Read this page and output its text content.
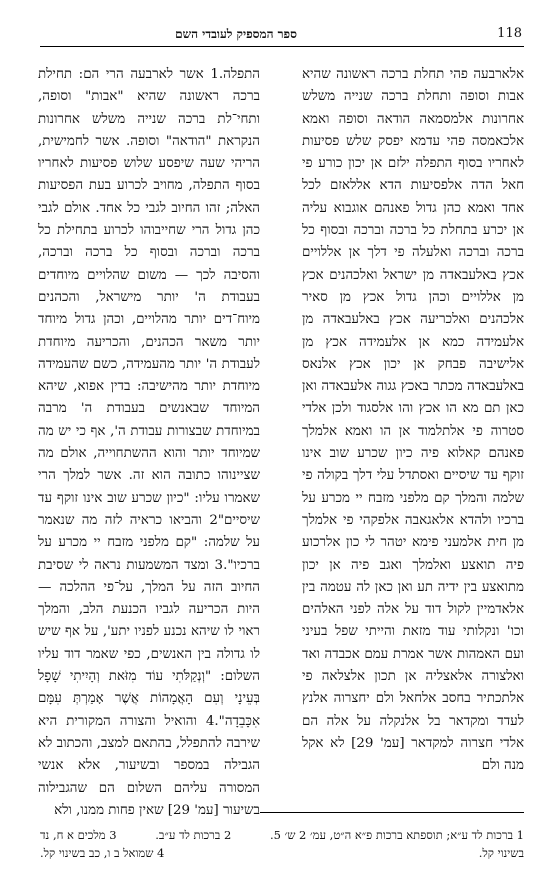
118
ספר המספיק לעובדי השם
אלארבעה פהי תחלת ברכה ראשונה שהיא אבות וסופה ותחלת ברכה שנייה משלש אחרונות אלמסמאה הודאה וסופה ואמא אלכאמסה פהי עדמא יפסק שלש פסיעות לאחריו בסוף התפלה ילזם אן יכון כורע פי חאל הדה אלפסיעות הדא אללאזם לכל אחד ואמא כהן גדול פאנהם אוגבוא עליה אן יכרע בתחלת כל ברכה וברכה ובסוף כל ברכה וברכה ואלעלה פי דלך אן אללויים אכץ באלעבאדה מן ישראל ואלכהנים אכץ מן אללויים וכהן גדול אכץ מן סאיר אלכהנים ואלכריעה אכץ באלעבאדה מן אלעמידה כמא אן אלעמידה אכץ מן אלישיבה פבחק אן יכון אכץ אלנאס באלעבאדה מכתר באכץ גגוה אלעבאדה ואן כאן תם מא הו אכץ והו אלסגוד ולכן אלדי סטרוה פי אלתלמוד אן הו ואמא אלמלך פאנהם קאלוא פיה כיון שכרע שוב אינו זוקף עד שיסיים ואסתדל עלי דלך בקולה פי שלמה והמלך קם מלפני מזבח יי מכרע על ברכיו ולהדא אלאגאבה אלפקהי פי אלמלך מן חית אלמעני פימא יטהר לי כון אלרכוע פיה תואצע ואלמלך ואגב פיה אן יכון מתואצע בין ידיה תע ואן כאן לה עטמה בין אלאדמיין לקול דוד על אלה לפני האלהים וכו' ונקלותי עוד מזאת והייתי שפל בעיני ועם האמהות אשר אמרת עמם אכבדה ואד ואלצורה אלאצליה אן תכון אלצלאה פי אלתכתיר בחסב אלחאל ולם יחצרוה אלנץ לעדד ומקדאר בל אלנקלה על אלה הם אלדי חצרוה למקדאר [עמ' 29] לא אקל מנה ולם
התפלה.1 אשר לארבעה הרי הם: תחילת ברכה ראשונה שהיא "אבות" וסופה, ותחי־לת ברכה שנייה משלש אחרונות הנקראת "הודאה" וסופה. אשר לחמישית, הריהי שעה שיפסע שלוש פסיעות לאחריו בסוף התפלה, מחויב לכרוע בעת הפסיעות האלה; זהו החיוב לגבי כל אחד. אולם לגבי כהן גדול הרי שחייבוהו לכרוע בתחילת כל ברכה וברכה ובסוף כל ברכה וברכה, והסיבה לכך — משום שהלויים מיוחדים בעבודת ה' יותר מישראל, והכהנים מיוח־דים יותר מהלויים, וכהן גדול מיוחד יותר משאר הכהנים, והכריעה מיוחדת לעבודת ה' יותר מהעמידה, כשם שהעמידה מיוחדת יותר מהישיבה: בדין אפוא, שיהא המיוחד שבאנשים בעבודת ה' מרבה במיוחדת שבצורות עבודת ה', אף כי יש מה שמיוחד יותר והוא ההשתחוייה, אולם מה שציינוהו כתובה הוא זה. אשר למלך הרי שאמרו עליו: "כיון שכרע שוב אינו זוקף עד שיסיים"2 והביאו כראיה לזה מה שנאמר על שלמה: "קם מלפני מזבח יי מכרע על ברכיו".3 ומצד המשמעות נראה לי שסיבת החיוב הזה על המלך, על־פי ההלכה — היות הכריעה לגביו הכנעת הלב, והמלך ראוי לו שיהא נכנע לפניו יתע', על אף שיש לו גדולה בין האנשים, כפי שאמר דוד עליו השלום: "וְנְקַלֹּתִי עוֹד מִזֹּאת וְהָיִיתִי שָׁפָל בְּעֵינָי וְעִם הָאֲמָהוֹת אֲשֶׁר אָמַרְתְּ עִמָּם אִכָּבֵדָה".4 והואיל והצורה המקורית היא שירבה להתפלל, בהתאם למצב, והכתוב לא הגבילה במספר ובשיעור, אלא אנשי המסורה עליהם השלום הם שהגבילוה בשיעור [עמ' 29] שאין פחות ממנו, ולא
1 ברכות לד ע״א; תוספתא ברכות פ״א ה״ט, עמ׳ 2 ש׳ 5.
2 ברכות לד ע״ב.
3 מלכים א ח, נד
בשינוי קל.
4 שמואל ב ו, כב בשינוי קל.
